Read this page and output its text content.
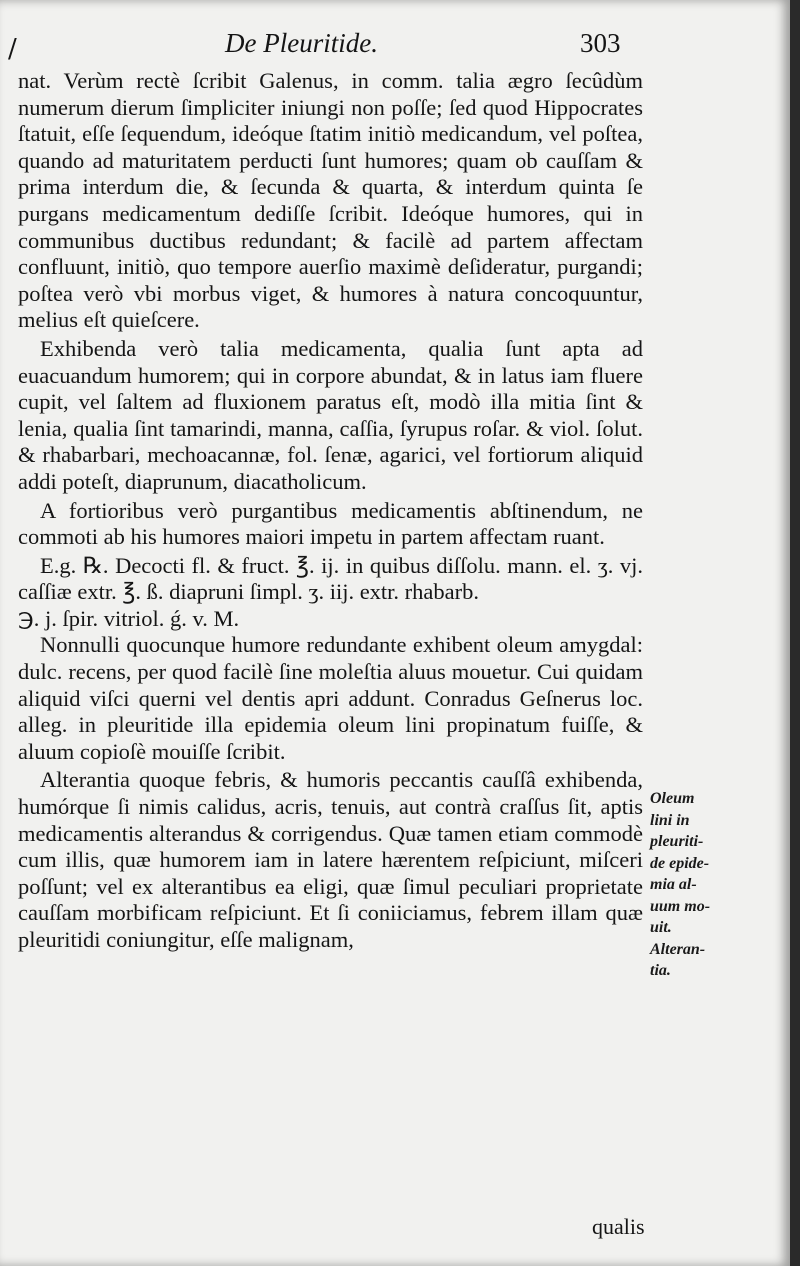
/	De Pleuritide.	303

nat. Verùm rectè ſcribit Galenus, in comm. talia ægro ſecûdùm numerum dierum ſimpliciter iniungi non poſſe; ſed quod Hippocrates ſtatuit, eſſe ſequendum, ideóque ſtatim initiò medicandum, vel poſtea, quando ad maturitatem perducti ſunt humores; quam ob cauſſam & prima interdum die, & ſecunda & quarta, & interdum quinta ſe purgans medicamentum dediſſe ſcribit. Ideóque humores, qui in communibus ductibus redundant; & facilè ad partem affectam confluunt, initiò, quo tempore auerſio maximè deſideratur, purgandi; poſtea verò vbi morbus viget, & humores à natura concoquuntur, melius eſt quieſcere.

Exhibenda verò talia medicamenta, qualia ſunt apta ad euacuandum humorem; qui in corpore abundat, & in latus iam fluere cupit, vel ſaltem ad fluxionem paratus eſt, modò illa mitia ſint & lenia, qualia ſint tamarindi, manna, caſſia, ſyrupus roſar. & viol. ſolut. & rhabarbari, mechoacannæ, fol. ſenæ, agarici, vel fortiorum aliquid addi poteſt, diaprunum, diacatholicum.

A fortioribus verò purgantibus medicamentis abſtinendum, ne commoti ab his humores maiori impetu in partem affectam ruant.

E.g. ℞. Decocti fl. & fruct. ℥. ij. in quibus diſſolu. mann. el. ʒ. vj. caſſiæ extr. ℥. ß. diapruni ſimpl. ʒ. iij. extr. rhabarb.

℈. j. ſpir. vitriol. ǵ. v. M.

Nonnulli quocunque humore redundante exhibent oleum amygdal: dulc. recens, per quod facilè ſine moleſtia aluus mouetur. Cui quidam aliquid viſci querni vel dentis apri addunt. Conradus Geſnerus loc. alleg. in pleuritide illa epidemia oleum lini propinatum fuiſſe, & aluum copioſè mouiſſe ſcribit.

Alterantia quoque febris, & humoris peccantis cauſſâ exhibenda, humórque ſi nimis calidus, acris, tenuis, aut contrà craſſus ſit, aptis medicamentis alterandus & corrigendus. Quæ tamen etiam commodè cum illis, quæ humorem iam in latere hærentem reſpiciunt, miſceri poſſunt; vel ex alterantibus ea eligi, quæ ſimul peculiari proprietate cauſſam morbificam reſpiciunt. Et ſi coniiciamus, febrem illam quæ pleuritidi coniungitur, eſſe malignam,

Oleum
lini in
pleuriti-
de epide-
mia al-
uum mo-
uit.
Alteran-
tia.
qualis
